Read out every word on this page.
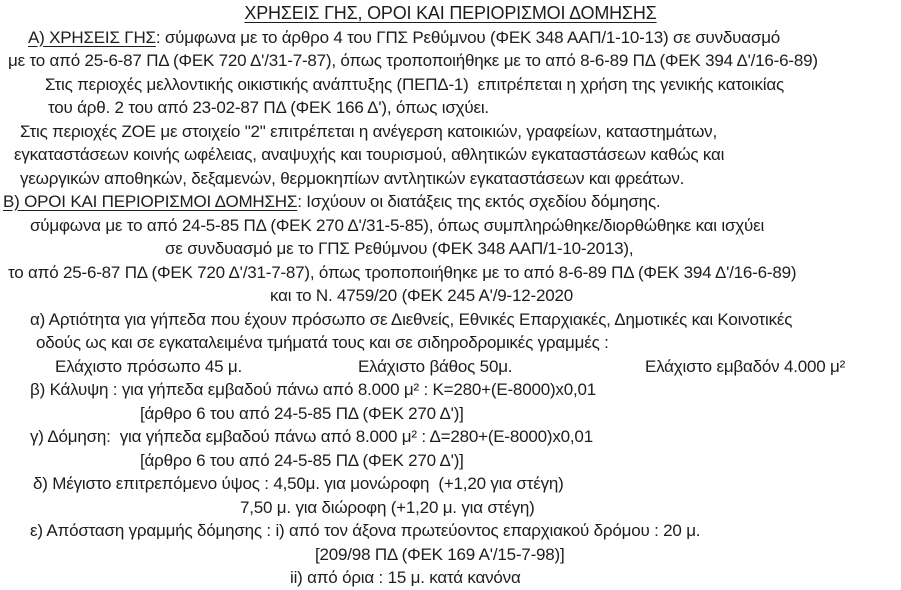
ΧΡΗΣΕΙΣ ΓΗΣ, ΟΡΟΙ ΚΑΙ ΠΕΡΙΟΡΙΣΜΟΙ ΔΟΜΗΣΗΣ
Α) ΧΡΗΣΕΙΣ ΓΗΣ: σύμφωνα με το άρθρο 4 του ΓΠΣ Ρεθύμνου (ΦΕΚ 348 ΑΑΠ/1-10-13) σε συνδυασμό
με το από 25-6-87 ΠΔ (ΦΕΚ 720 Δ'/31-7-87), όπως τροποποιήθηκε με το από 8-6-89 ΠΔ (ΦΕΚ 394 Δ'/16-6-89)
Στις περιοχές μελλοντικής οικιστικής ανάπτυξης (ΠΕΠΔ-1)  επιτρέπεται η χρήση της γενικής κατοικίας
του άρθ. 2 του από 23-02-87 ΠΔ (ΦΕΚ 166 Δ'), όπως ισχύει.
Στις περιοχές ΖΟΕ με στοιχείο "2" επιτρέπεται η ανέγερση κατοικιών, γραφείων, καταστημάτων,
εγκαταστάσεων κοινής ωφέλειας, αναψυχής και τουρισμού, αθλητικών εγκαταστάσεων καθώς και
γεωργικών αποθηκών, δεξαμενών, θερμοκηπίων αντλητικών εγκαταστάσεων και φρεάτων.
Β) ΟΡΟΙ ΚΑΙ ΠΕΡΙΟΡΙΣΜΟΙ ΔΟΜΗΣΗΣ: Ισχύουν οι διατάξεις της εκτός σχεδίου δόμησης.
σύμφωνα με το από 24-5-85 ΠΔ (ΦΕΚ 270 Δ'/31-5-85), όπως συμπληρώθηκε/διορθώθηκε και ισχύει
σε συνδυασμό με το ΓΠΣ Ρεθύμνου (ΦΕΚ 348 ΑΑΠ/1-10-2013),
το από 25-6-87 ΠΔ (ΦΕΚ 720 Δ'/31-7-87), όπως τροποποιήθηκε με το από 8-6-89 ΠΔ (ΦΕΚ 394 Δ'/16-6-89)
και το Ν. 4759/20 (ΦΕΚ 245 Α'/9-12-2020
α) Αρτιότητα για γήπεδα που έχουν πρόσωπο σε Διεθνείς, Εθνικές Επαρχιακές, Δημοτικές και Κοινοτικές
οδούς ως και σε εγκαταλειμένα τμήματά τους και σε σιδηροδρομικές γραμμές :
Ελάχιστο πρόσωπο 45 μ.	Ελάχιστο βάθος 50μ.	Ελάχιστο εμβαδόν 4.000 μ²
β) Κάλυψη : για γήπεδα εμβαδού πάνω από 8.000 μ² : Κ=280+(Ε-8000)x0,01
[άρθρο 6 του από 24-5-85 ΠΔ (ΦΕΚ 270 Δ')]
γ) Δόμηση:  για γήπεδα εμβαδού πάνω από 8.000 μ² : Δ=280+(Ε-8000)x0,01
[άρθρο 6 του από 24-5-85 ΠΔ (ΦΕΚ 270 Δ')]
δ) Μέγιστο επιτρεπόμενο ύψος : 4,50μ. για μονώροφη  (+1,20 για στέγη)
7,50 μ. για διώροφη (+1,20 μ. για στέγη)
ε) Απόσταση γραμμής δόμησης : i) από τον άξονα πρωτεύοντος επαρχιακού δρόμου : 20 μ.
[209/98 ΠΔ (ΦΕΚ 169 Α'/15-7-98)]
ii) από όρια : 15 μ. κατά κανόνα
